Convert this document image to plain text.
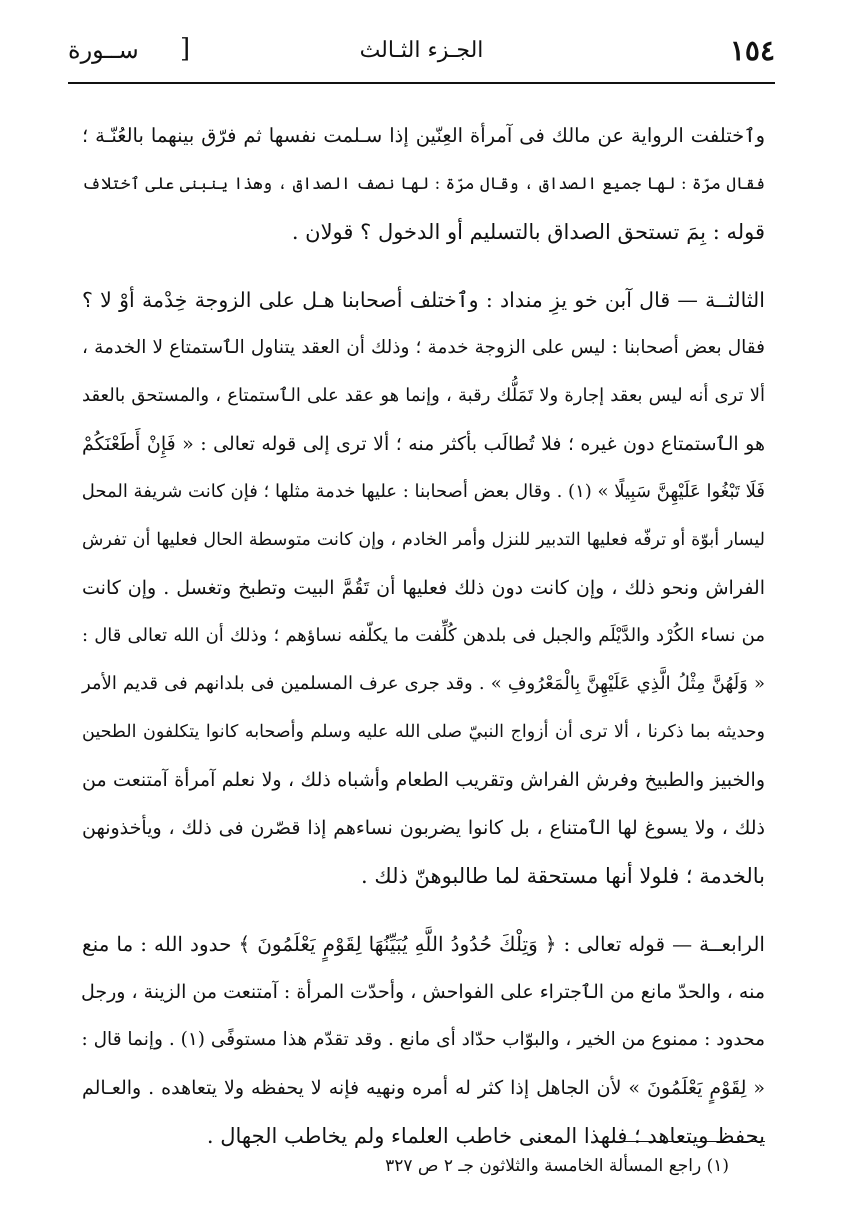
١٥٤
الجـزء الثـالث
[
ســورة
وٱختلفت الرواية عن مالك فى آمرأة العِنّين إذا سـلمت نفسها ثم فرّق بينهما بالعُنّـة ؛
فقال مرّة : لها جميع الصداق ، وقال مرّة : لها نصف الصداق ، وهذا ينبنى على ٱختلاف
قوله : بِمَ تستحق الصداق بالتسليم أو الدخول ؟ قولان .
الثالثــة — قال آبن خو يزِ منداد : وٱختلف أصحابنا هـل على الزوجة خِدْمة أوْ لا ؟
فقال بعض أصحابنا : ليس على الزوجة خدمة ؛ وذلك أن العقد يتناول الٱستمتاع لا الخدمة ،
ألا ترى أنه ليس بعقد إجارة ولا تَمَلُّك رقبة ، وإنما هو عقد على الٱستمتاع ، والمستحق بالعقد
هو الٱستمتاع دون غيره ؛ فلا تُطالَب بأكثر منه ؛ ألا ترى إلى قوله تعالى : « فَإِنْ أَطَعْنَكُمْ
فَلَا تَبْغُوا عَلَيْهِنَّ سَبِيلًا » (١) . وقال بعض أصحابنا : عليها خدمة مثلها ؛ فإن كانت شريفة المحل
ليسار أبوّة أو ترفّه فعليها التدبير للنزل وأمر الخادم ، وإن كانت متوسطة الحال فعليها أن تفرش
الفراش ونحو ذلك ، وإن كانت دون ذلك فعليها أن تَقُمَّ البيت وتطبخ وتغسل . وإن كانت
من نساء الكُرْد والدَّيْلَم والجبل فى بلدهن كُلِّفت ما يكلّفه نساؤهم ؛ وذلك أن الله تعالى قال :
« وَلَهُنَّ مِثْلُ الَّذِي عَلَيْهِنَّ بِالْمَعْرُوفِ » . وقد جرى عرف المسلمين فى بلدانهم فى قديم الأمر
وحديثه بما ذكرنا ، ألا ترى أن أزواج النبيّ صلى الله عليه وسلم وأصحابه كانوا يتكلفون الطحين
والخبيز والطبيخ وفرش الفراش وتقريب الطعام وأشباه ذلك ، ولا نعلم آمرأة آمتنعت من
ذلك ، ولا يسوغ لها الٱمتناع ، بل كانوا يضربون نساءهم إذا قصّرن فى ذلك ، ويأخذونهن
بالخدمة ؛ فلولا أنها مستحقة لما طالبوهنّ ذلك .
الرابعــة — قوله تعالى : ﴿ وَتِلْكَ حُدُودُ اللَّهِ يُبَيِّنُهَا لِقَوْمٍ يَعْلَمُونَ ﴾ حدود الله : ما منع
منه ، والحدّ مانع من الٱجتراء على الفواحش ، وأحدّت المرأة : آمتنعت من الزينة ، ورجل
محدود : ممنوع من الخير ، والبوّاب حدّاد أى مانع . وقد تقدّم هذا مستوفًى (١) . وإنما قال :
« لِقَوْمٍ يَعْلَمُونَ » لأن الجاهل إذا كثر له أمره ونهيه فإنه لا يحفظه ولا يتعاهده . والعـالم
يحفظ ويتعاهد ؛ فلهذا المعنى خاطب العلماء ولم يخاطب الجهال .
(١) راجع المسألة الخامسة والثلاثون جـ ٢ ص ٣٢٧
